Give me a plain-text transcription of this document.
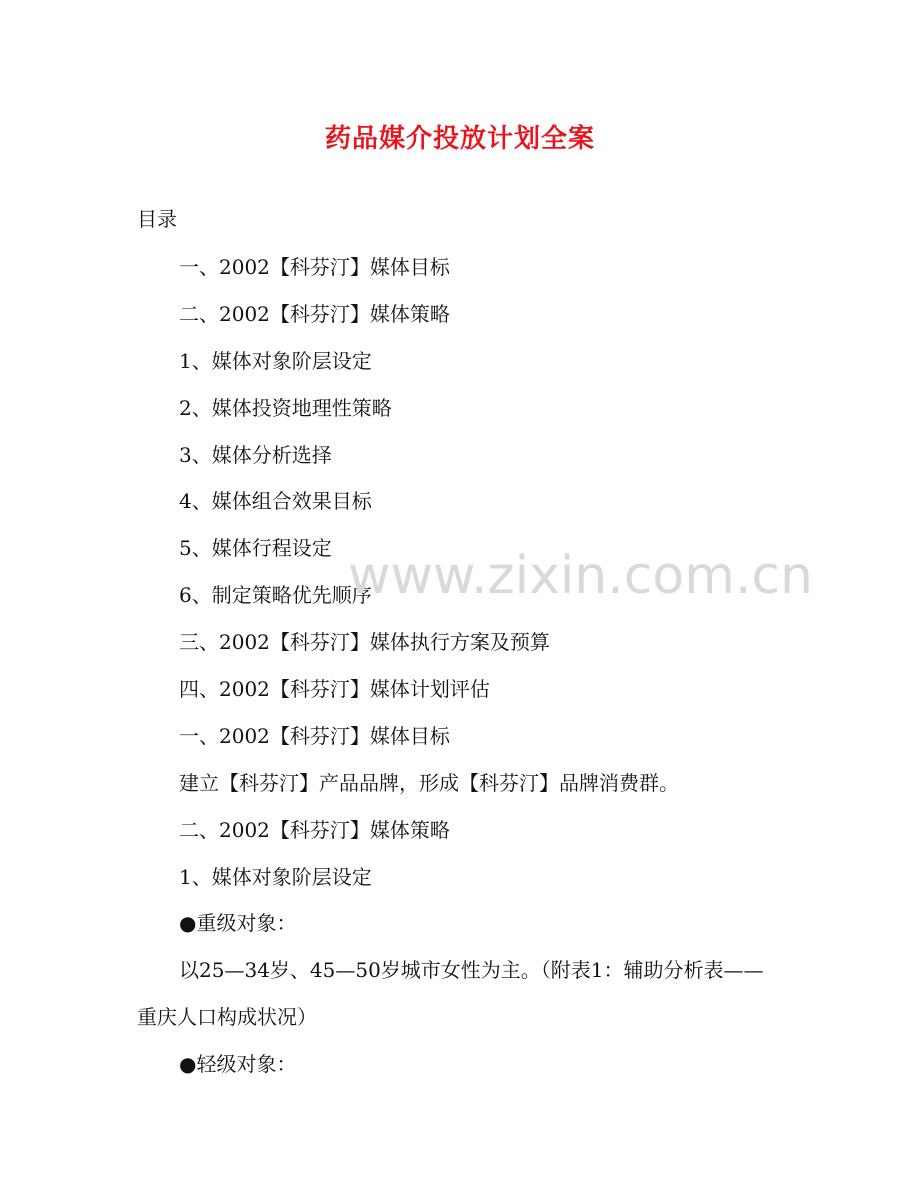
药品媒介投放计划全案
目录
一、2002【科芬汀】媒体目标
二、2002【科芬汀】媒体策略
1、媒体对象阶层设定
2、媒体投资地理性策略
3、媒体分析选择
4、媒体组合效果目标
5、媒体行程设定
6、制定策略优先顺序
三、2002【科芬汀】媒体执行方案及预算
四、2002【科芬汀】媒体计划评估
一、2002【科芬汀】媒体目标
建立【科芬汀】产品品牌，形成【科芬汀】品牌消费群。
二、2002【科芬汀】媒体策略
1、媒体对象阶层设定
●重级对象：
以25—34岁、45—50岁城市女性为主。（附表1：辅助分析表——
重庆人口构成状况）
●轻级对象：
www.zixin.com.cn
